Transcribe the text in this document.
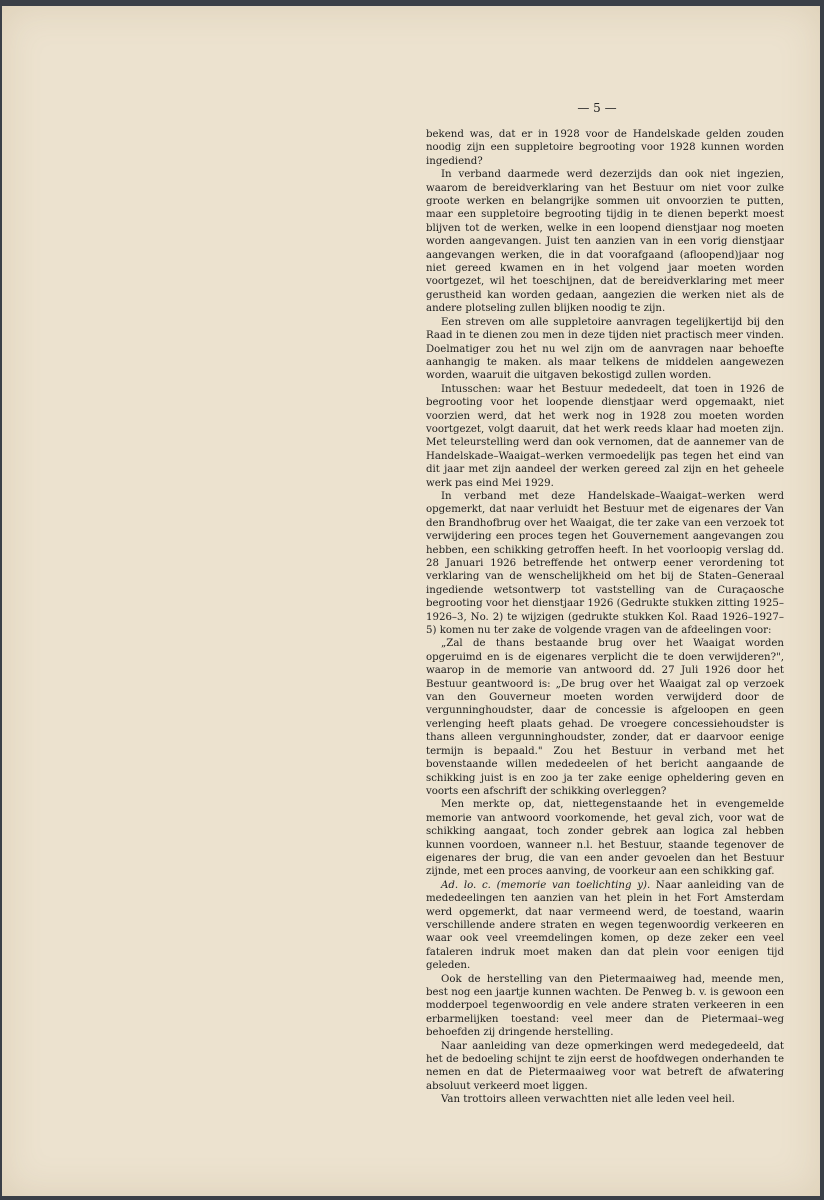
— 5 —

bekend was, dat er in 1928 voor de Handelskade gelden zouden noodig zijn een suppletoire begrooting voor 1928 kunnen worden ingediend?

In verband daarmede werd dezerzijds dan ook niet ingezien, waarom de bereidverklaring van het Bestuur om niet voor zulke groote werken en belangrijke sommen uit onvoorzien te putten, maar een suppletoire begrooting tijdig in te dienen beperkt moest blijven tot de werken, welke in een loopend dienstjaar nog moeten worden aangevangen. Juist ten aanzien van in een vorig dienstjaar aangevangen werken, die in dat voorafgaand (afloopend)jaar nog niet gereed kwamen en in het volgend jaar moeten worden voortgezet, wil het toeschijnen, dat de bereidverklaring met meer gerustheid kan worden gedaan, aangezien die werken niet als de andere plotseling zullen blijken noodig te zijn.

Een streven om alle suppletoire aanvragen tegelijkertijd bij den Raad in te dienen zou men in deze tijden niet practisch meer vinden. Doelmatiger zou het nu wel zijn om de aanvragen naar behoefte aanhangig te maken. als maar telkens de middelen aangewezen worden, waaruit die uitgaven bekostigd zullen worden.

Intusschen: waar het Bestuur mededeelt, dat toen in 1926 de begrooting voor het loopende dienstjaar werd opgemaakt, niet voorzien werd, dat het werk nog in 1928 zou moeten worden voortgezet, volgt daaruit, dat het werk reeds klaar had moeten zijn. Met teleurstelling werd dan ook vernomen, dat de aannemer van de Handelskade–Waaigat–werken vermoedelijk pas tegen het eind van dit jaar met zijn aandeel der werken gereed zal zijn en het geheele werk pas eind Mei 1929.

In verband met deze Handelskade–Waaigat–werken werd opgemerkt, dat naar verluidt het Bestuur met de eigenares der Van den Brandhofbrug over het Waaigat, die ter zake van een verzoek tot verwijdering een proces tegen het Gouvernement aangevangen zou hebben, een schikking getroffen heeft. In het voorloopig verslag dd. 28 Januari 1926 betreffende het ontwerp eener verordening tot verklaring van de wenschelijkheid om het bij de Staten–Generaal ingediende wetsontwerp tot vaststelling van de Curaçaosche begrooting voor het dienstjaar 1926 (Gedrukte stukken zitting 1925–1926–3, No. 2) te wijzigen (gedrukte stukken Kol. Raad 1926–1927–5) komen nu ter zake de volgende vragen van de afdeelingen voor:

„Zal de thans bestaande brug over het Waaigat worden opgeruimd en is de eigenares verplicht die te doen verwijderen?", waarop in de memorie van antwoord dd. 27 Juli 1926 door het Bestuur geantwoord is: „De brug over het Waaigat zal op verzoek van den Gouverneur moeten worden verwijderd door de vergunninghoudster, daar de concessie is afgeloopen en geen verlenging heeft plaats gehad. De vroegere concessiehoudster is thans alleen vergunninghoudster, zonder, dat er daarvoor eenige termijn is bepaald." Zou het Bestuur in verband met het bovenstaande willen mededeelen of het bericht aangaande de schikking juist is en zoo ja ter zake eenige opheldering geven en voorts een afschrift der schikking overleggen?

Men merkte op, dat, niettegenstaande het in evengemelde memorie van antwoord voorkomende, het geval zich, voor wat de schikking aangaat, toch zonder gebrek aan logica zal hebben kunnen voordoen, wanneer n.l. het Bestuur, staande tegenover de eigenares der brug, die van een ander gevoelen dan het Bestuur zijnde, met een proces aanving, de voorkeur aan een schikking gaf.

Ad. lo. c. (memorie van toelichting y). Naar aanleiding van de mededeelingen ten aanzien van het plein in het Fort Amsterdam werd opgemerkt, dat naar vermeend werd, de toestand, waarin verschillende andere straten en wegen tegenwoordig verkeeren en waar ook veel vreemdelingen komen, op deze zeker een veel fataleren indruk moet maken dan dat plein voor eenigen tijd geleden.

Ook de herstelling van den Pietermaaiweg had, meende men, best nog een jaartje kunnen wachten. De Penweg b. v. is gewoon een modderpoel tegenwoordig en vele andere straten verkeeren in een erbarmelijken toestand: veel meer dan de Pietermaai–weg behoefden zij dringende herstelling.

Naar aanleiding van deze opmerkingen werd medegedeeld, dat het de bedoeling schijnt te zijn eerst de hoofdwegen onderhanden te nemen en dat de Pietermaaiweg voor wat betreft de afwatering absoluut verkeerd moet liggen.

Van trottoirs alleen verwachtten niet alle leden veel heil.
